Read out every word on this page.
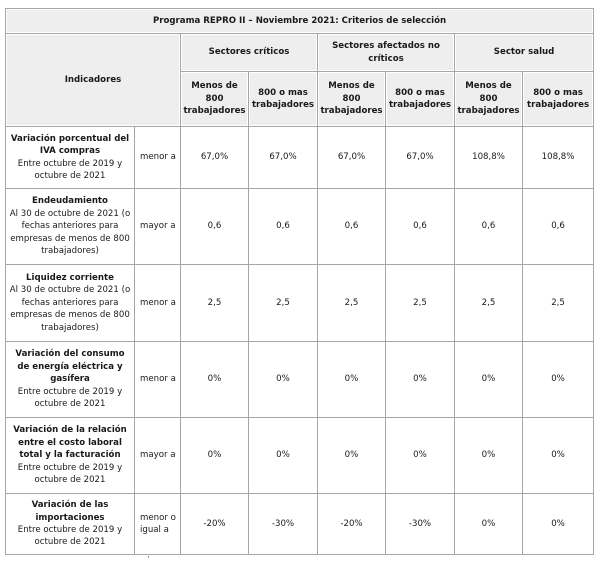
Programa REPRO II – Noviembre 2021: Criterios de selección							
Indicadores		Sectores críticos		Sectores afectados no críticos		Sector salud	
		Menos de 800 trabajadores	800 o mas trabajadores	Menos de 800 trabajadores	800 o mas trabajadores	Menos de 800 trabajadores	800 o mas trabajadores
Variación porcentual del IVA compras
Entre octubre de 2019 y octubre de 2021	menor a	67,0%	67,0%	67,0%	67,0%	108,8%	108,8%
Endeudamiento
Al 30 de octubre de 2021 (o fechas anteriores para empresas de menos de 800 trabajadores)	mayor a	0,6	0,6	0,6	0,6	0,6	0,6
Liquidez corriente
Al 30 de octubre de 2021 (o fechas anteriores para empresas de menos de 800 trabajadores)	menor a	2,5	2,5	2,5	2,5	2,5	2,5
Variación del consumo de energía eléctrica y gasífera
Entre octubre de 2019 y octubre de 2021	menor a	0%	0%	0%	0%	0%	0%
Variación de la relación entre el costo laboral total y la facturación
Entre octubre de 2019 y octubre de 2021	mayor a	0%	0%	0%	0%	0%	0%
Variación de las importaciones
Entre octubre de 2019 y octubre de 2021	menor o igual a	-20%	-30%	-20%	-30%	0%	0%
